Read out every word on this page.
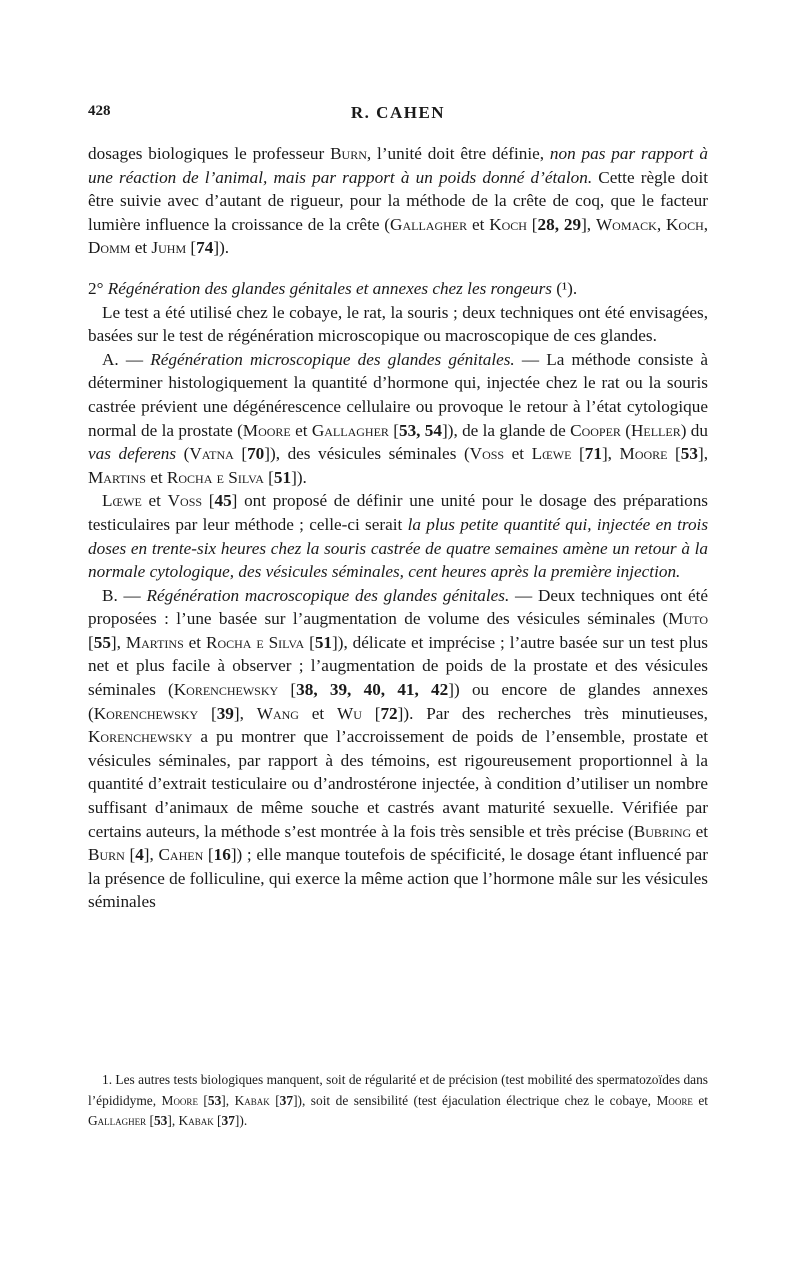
428	R. CAHEN

dosages biologiques le professeur Burn, l’unité doit être définie, non pas par rapport à une réaction de l’animal, mais par rapport à un poids donné d’étalon. Cette règle doit être suivie avec d’autant de rigueur, pour la méthode de la crête de coq, que le facteur lumière influence la croissance de la crête (Gallagher et Koch [28, 29], Womack, Koch, Domm et Juhm [74]).

2° Régénération des glandes génitales et annexes chez les rongeurs (¹).

Le test a été utilisé chez le cobaye, le rat, la souris ; deux techniques ont été envisagées, basées sur le test de régénération microscopique ou macroscopique de ces glandes.

A. — Régénération microscopique des glandes génitales. — La méthode consiste à déterminer histologiquement la quantité d’hormone qui, injectée chez le rat ou la souris castrée prévient une dégénérescence cellulaire ou provoque le retour à l’état cytologique normal de la prostate (Moore et Gallagher [53, 54]), de la glande de Cooper (Heller) du vas deferens (Vatna [70]), des vésicules séminales (Voss et Lœwe [71], Moore [53], Martins et Rocha e Silva [51]).

Lœwe et Voss [45] ont proposé de définir une unité pour le dosage des préparations testiculaires par leur méthode ; celle-ci serait la plus petite quantité qui, injectée en trois doses en trente-six heures chez la souris castrée de quatre semaines amène un retour à la normale cytologique, des vésicules séminales, cent heures après la première injection.

B. — Régénération macroscopique des glandes génitales. — Deux techniques ont été proposées : l’une basée sur l’augmentation de volume des vésicules séminales (Muto [55], Martins et Rocha e Silva [51]), délicate et imprécise ; l’autre basée sur un test plus net et plus facile à observer ; l’augmentation de poids de la prostate et des vésicules séminales (Korenchewsky [38, 39, 40, 41, 42]) ou encore de glandes annexes (Korenchewsky [39], Wang et Wu [72]). Par des recherches très minutieuses, Korenchewsky a pu montrer que l’accroissement de poids de l’ensemble, prostate et vésicules séminales, par rapport à des témoins, est rigoureusement proportionnel à la quantité d’extrait testiculaire ou d’androstérone injectée, à condition d’utiliser un nombre suffisant d’animaux de même souche et castrés avant maturité sexuelle. Vérifiée par certains auteurs, la méthode s’est montrée à la fois très sensible et très précise (Bubring et Burn [4], Cahen [16]) ; elle manque toutefois de spécificité, le dosage étant influencé par la présence de folliculine, qui exerce la même action que l’hormone mâle sur les vésicules séminales

1. Les autres tests biologiques manquent, soit de régularité et de précision (test mobilité des spermatozoïdes dans l’épididyme, Moore [53], Kabak [37]), soit de sensibilité (test éjaculation électrique chez le cobaye, Moore et Gallagher [53], Kabak [37]).
